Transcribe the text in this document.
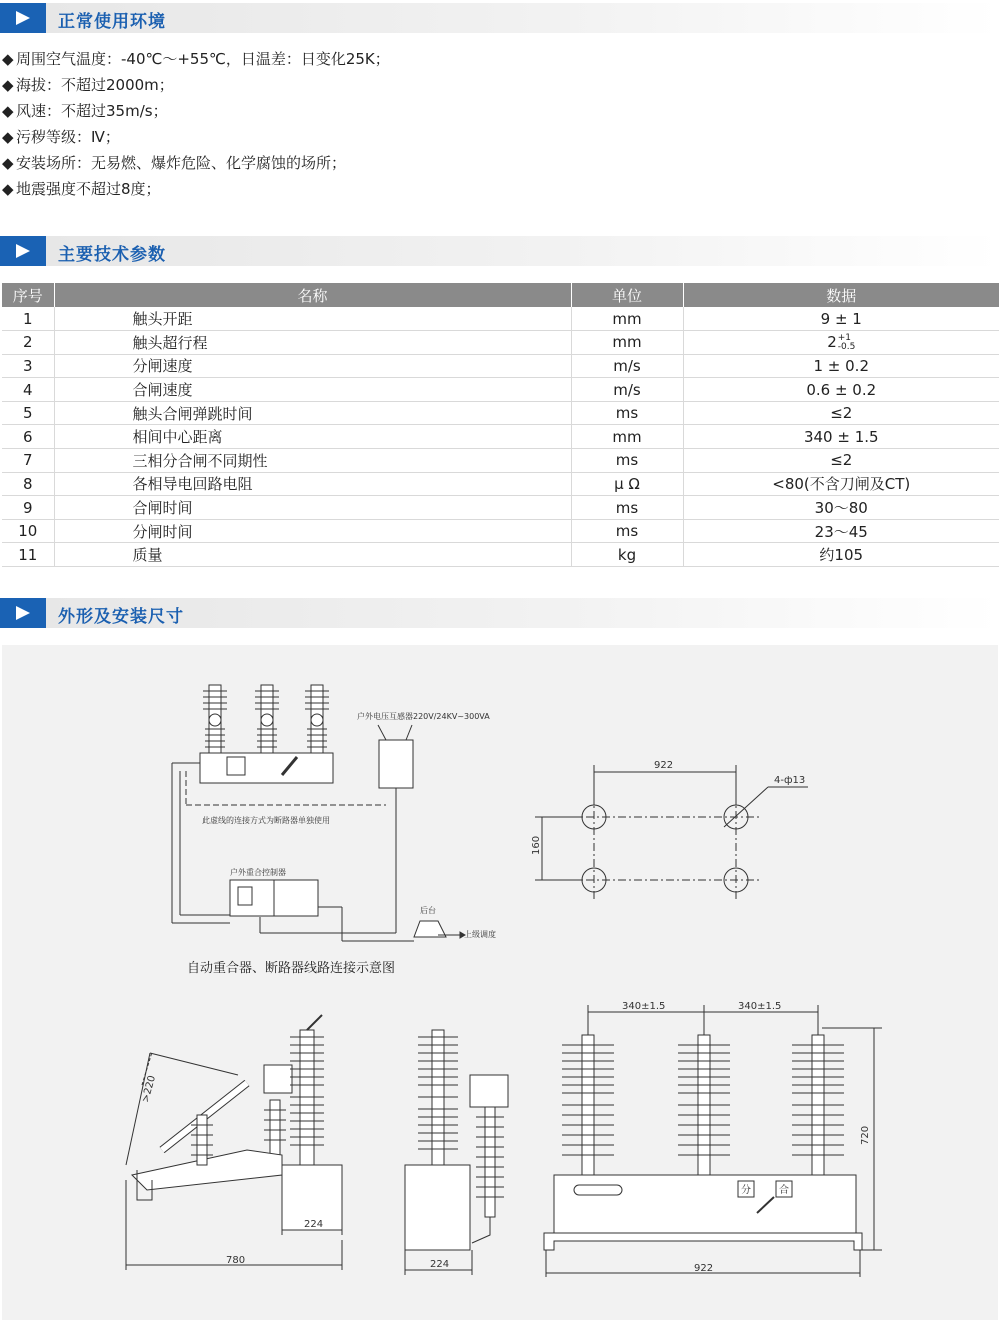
正常使用环境
◆ 周围空气温度：-40℃～+55℃，日温差：日变化25K；
◆ 海拔：不超过2000m；
◆ 风速：不超过35m/s；
◆ 污秽等级：Ⅳ；
◆ 安装场所：无易燃、爆炸危险、化学腐蚀的场所；
◆ 地震强度不超过8度；
主要技术参数
序号	名称	单位	数据
1	触头开距	mm	9 ± 1
2	触头超行程	mm	2 +1
-0.5

3	分闸速度	m/s	1 ± 0.2
4	合闸速度	m/s	0.6 ± 0.2
5	触头合闸弹跳时间	ms	≤2
6	相间中心距离	mm	340 ± 1.5
7	三相分合闸不同期性	ms	≤2
8	各相导电回路电阻	μ Ω	<80(不含刀闸及CT)
9	合闸时间	ms	30～80
10	分闸时间	ms	23～45
11	质量	kg	约105
外形及安装尺寸
户外电压互感器220V/24KV~300VA
此虚线的连接方式为断路器单独使用
户外重合控制器
后台
上级调度
922
4-ф13
160
>220
224
780	224
340±1.5	340±1.5
720
922
分	合
自动重合器、断路器线路连接示意图
